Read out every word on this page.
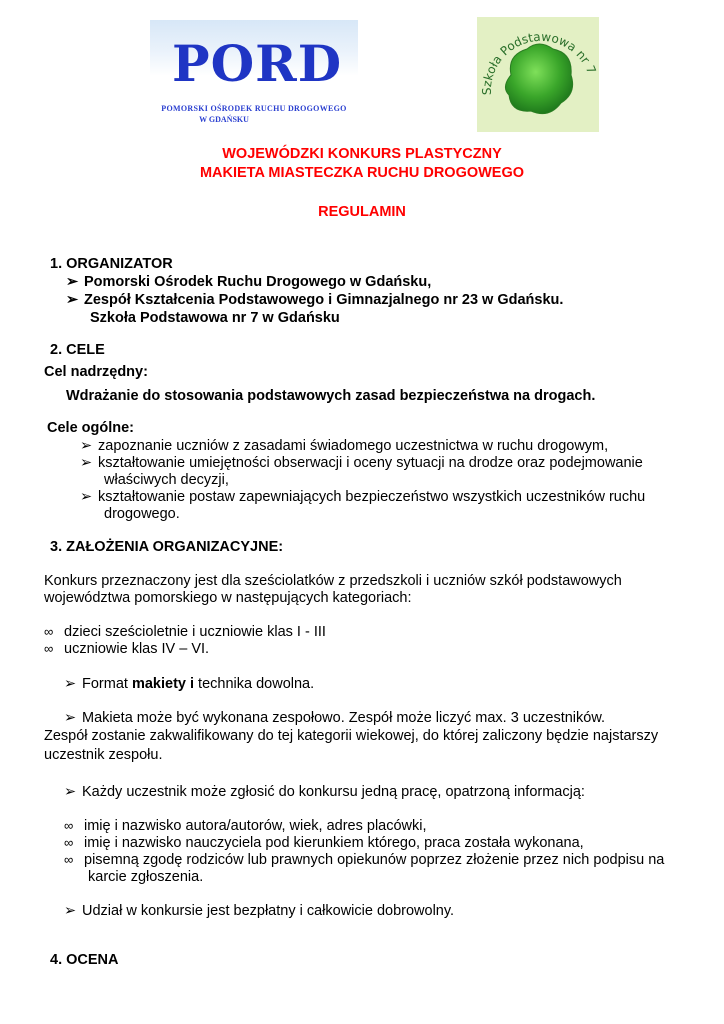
PORD
POMORSKI OŚRODEK RUCHU DROGOWEGO
W GDAŃSKU
Szkoła Podstawowa nr 7
WOJEWÓDZKI KONKURS PLASTYCZNY
MAKIETA MIASTECZKA RUCHU DROGOWEGO
REGULAMIN
1. ORGANIZATOR
➢ Pomorski Ośrodek Ruchu Drogowego w Gdańsku,
➢ Zespół Kształcenia Podstawowego i Gimnazjalnego nr 23 w Gdańsku.
Szkoła Podstawowa nr 7 w Gdańsku
2. CELE
Cel nadrzędny:
Wdrażanie do stosowania podstawowych zasad bezpieczeństwa na drogach.
Cele ogólne:
➢ zapoznanie uczniów z zasadami świadomego uczestnictwa w ruchu drogowym,
➢ kształtowanie umiejętności obserwacji i oceny sytuacji na drodze oraz podejmowanie
właściwych decyzji,
➢ kształtowanie postaw zapewniających bezpieczeństwo wszystkich uczestników ruchu
drogowego.
3. ZAŁOŻENIA ORGANIZACYJNE:
Konkurs przeznaczony jest dla sześciolatków z przedszkoli i uczniów szkół podstawowych
województwa pomorskiego w następujących kategoriach:
∞ dzieci sześcioletnie i uczniowie klas I - III
∞ uczniowie klas IV – VI.
➢ Format makiety i technika dowolna.
➢ Makieta może być wykonana zespołowo. Zespół może liczyć max. 3 uczestników.
Zespół zostanie zakwalifikowany do tej kategorii wiekowej, do której zaliczony będzie najstarszy
uczestnik zespołu.
➢ Każdy uczestnik może zgłosić do konkursu jedną pracę, opatrzoną informacją:
∞ imię i nazwisko autora/autorów, wiek, adres placówki,
∞ imię i nazwisko nauczyciela pod kierunkiem którego, praca została wykonana,
∞ pisemną zgodę rodziców lub prawnych opiekunów poprzez złożenie przez nich podpisu na
karcie zgłoszenia.
➢ Udział w konkursie jest bezpłatny i całkowicie dobrowolny.
4. OCENA
